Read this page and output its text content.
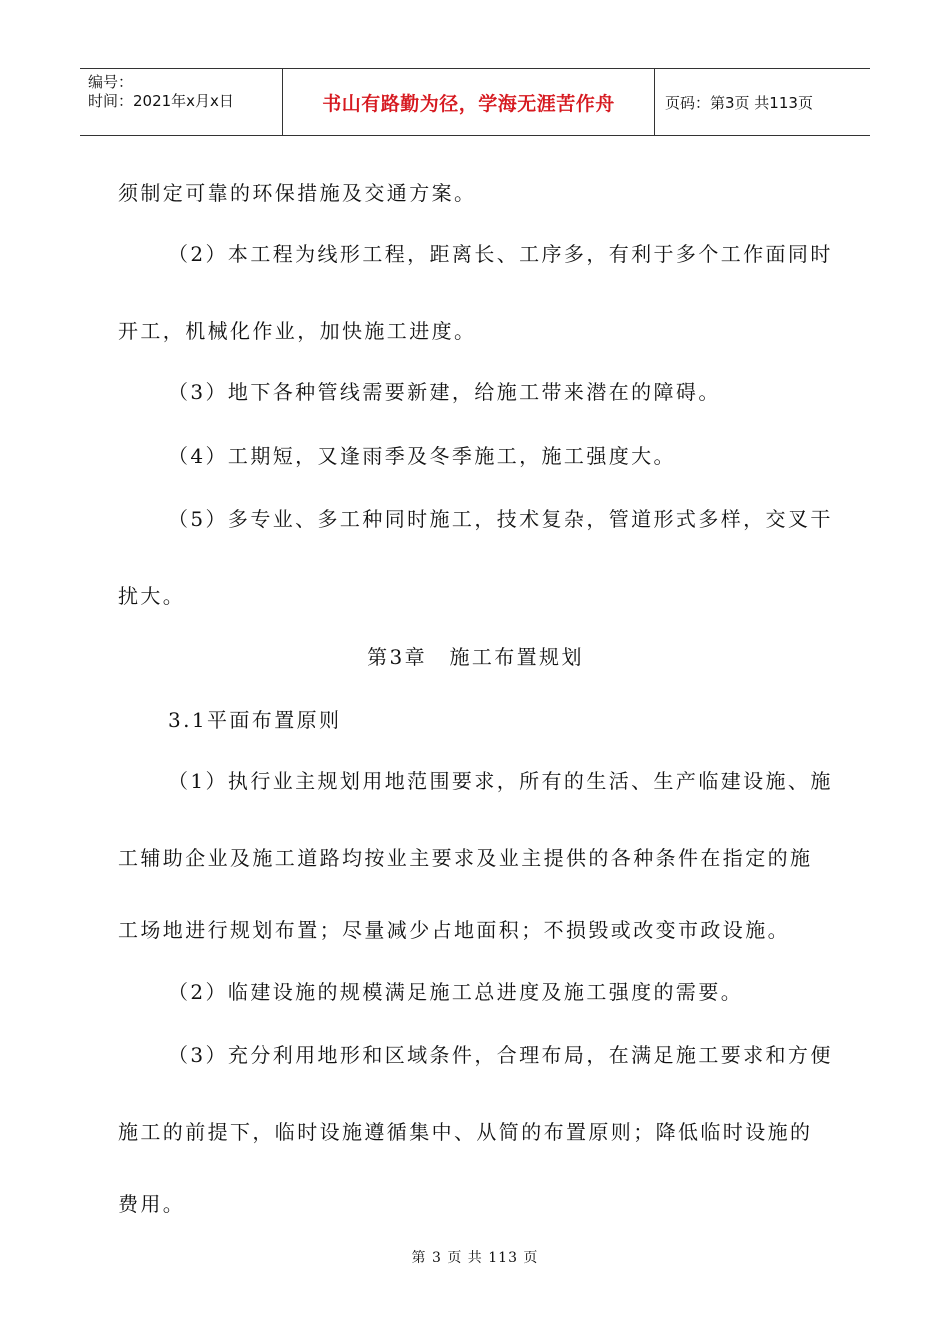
编号：
时间：2021年x月x日	书山有路勤为径，学海无涯苦作舟	页码：第3页 共113页
须制定可靠的环保措施及交通方案。
（2）本工程为线形工程，距离长、工序多，有利于多个工作面同时
开工，机械化作业，加快施工进度。
（3）地下各种管线需要新建，给施工带来潜在的障碍。
（4）工期短，又逢雨季及冬季施工，施工强度大。
（5）多专业、多工种同时施工，技术复杂，管道形式多样，交叉干
扰大。
第3章　施工布置规划
3.1平面布置原则
（1）执行业主规划用地范围要求，所有的生活、生产临建设施、施
工辅助企业及施工道路均按业主要求及业主提供的各种条件在指定的施
工场地进行规划布置；尽量减少占地面积；不损毁或改变市政设施。
（2）临建设施的规模满足施工总进度及施工强度的需要。
（3）充分利用地形和区域条件，合理布局，在满足施工要求和方便
施工的前提下，临时设施遵循集中、从简的布置原则；降低临时设施的
费用。
第 3 页 共 113 页
